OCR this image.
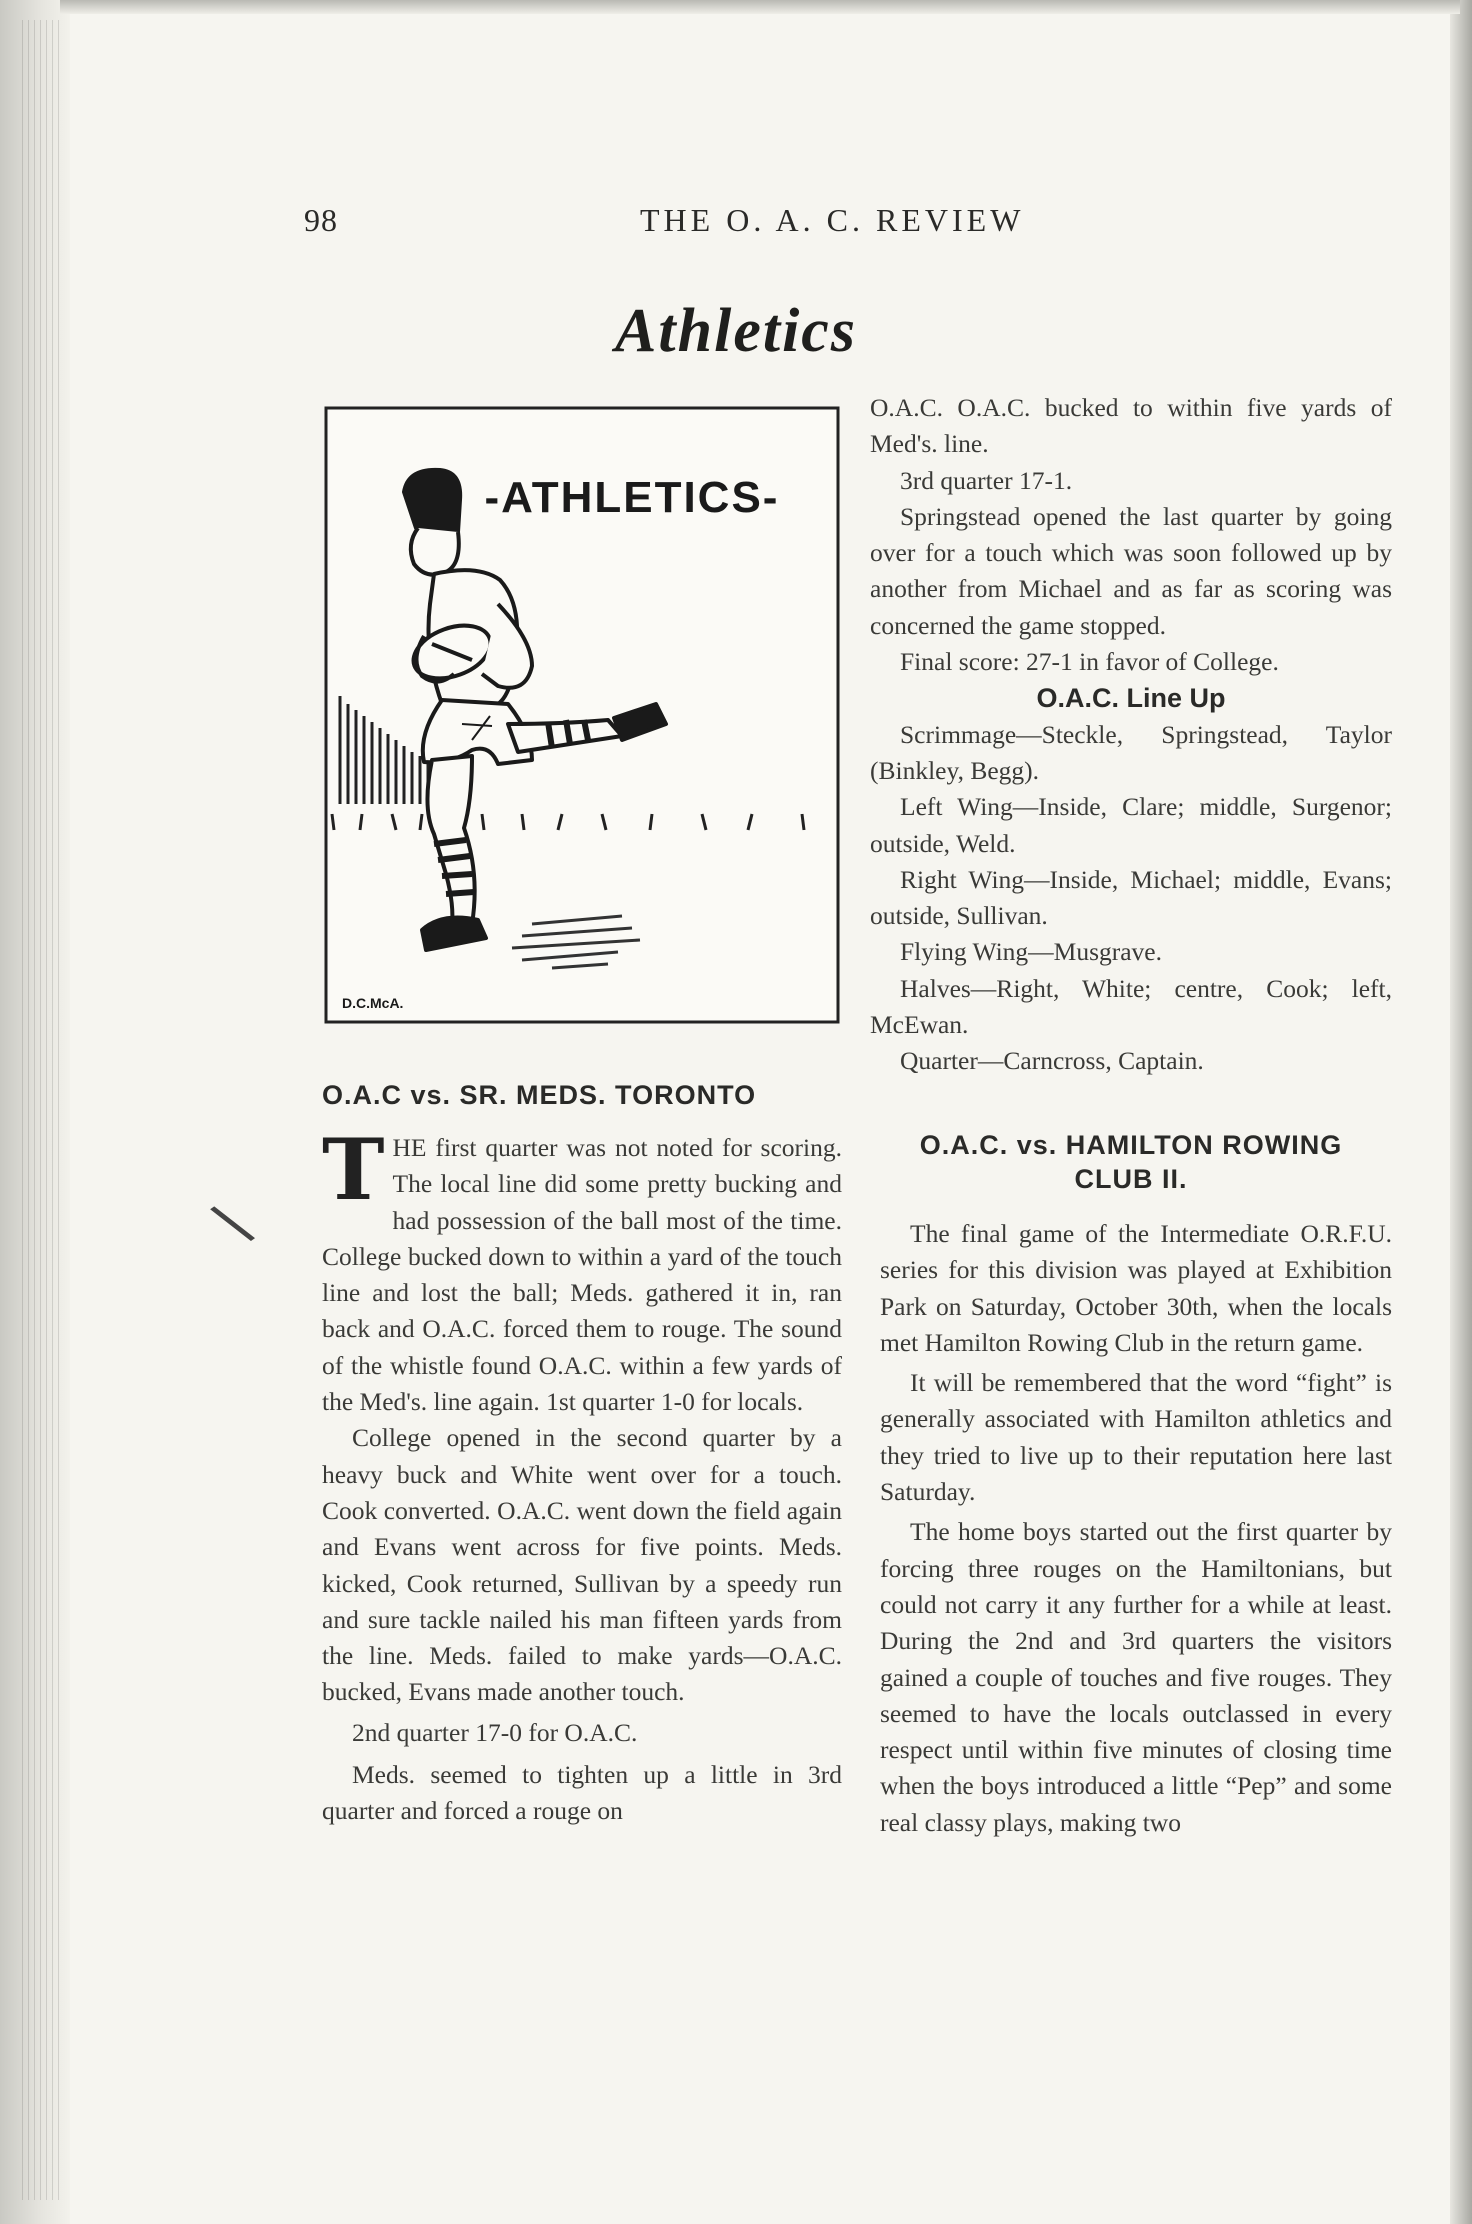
\
98	THE O. A. C. REVIEW
Athletics
-ATHLETICS-
D.C.McA.
O.A.C vs. SR. MEDS. TORONTO

THE first quarter was not noted for scoring. The local line did some pretty bucking and had possession of the ball most of the time. College bucked down to within a yard of the touch line and lost the ball; Meds. gathered it in, ran back and O.A.C. forced them to rouge. The sound of the whistle found O.A.C. within a few yards of the Med's. line again. 1st quarter 1-0 for locals.

College opened in the second quarter by a heavy buck and White went over for a touch. Cook converted. O.A.C. went down the field again and Evans went across for five points. Meds. kicked, Cook returned, Sullivan by a speedy run and sure tackle nailed his man fifteen yards from the line. Meds. failed to make yards—O.A.C. bucked, Evans made another touch.

2nd quarter 17-0 for O.A.C.

Meds. seemed to tighten up a little in 3rd quarter and forced a rouge on

O.A.C. O.A.C. bucked to within five yards of Med's. line.

3rd quarter 17-1.

Springstead opened the last quarter by going over for a touch which was soon followed up by another from Michael and as far as scoring was concerned the game stopped.

Final score: 27-1 in favor of College.

O.A.C. Line Up

Scrimmage—Steckle, Springstead, Taylor (Binkley, Begg).

Left Wing—Inside, Clare; middle, Surgenor; outside, Weld.

Right Wing—Inside, Michael; middle, Evans; outside, Sullivan.

Flying Wing—Musgrave.

Halves—Right, White; centre, Cook; left, McEwan.

Quarter—Carncross, Captain.

O.A.C. vs. HAMILTON ROWING
CLUB II.

The final game of the Intermediate O.R.F.U. series for this division was played at Exhibition Park on Saturday, October 30th, when the locals met Hamilton Rowing Club in the return game.

It will be remembered that the word “fight” is generally associated with Hamilton athletics and they tried to live up to their reputation here last Saturday.

The home boys started out the first quarter by forcing three rouges on the Hamiltonians, but could not carry it any further for a while at least. During the 2nd and 3rd quarters the visitors gained a couple of touches and five rouges. They seemed to have the locals outclassed in every respect until within five minutes of closing time when the boys introduced a little “Pep” and some real classy plays, making two
